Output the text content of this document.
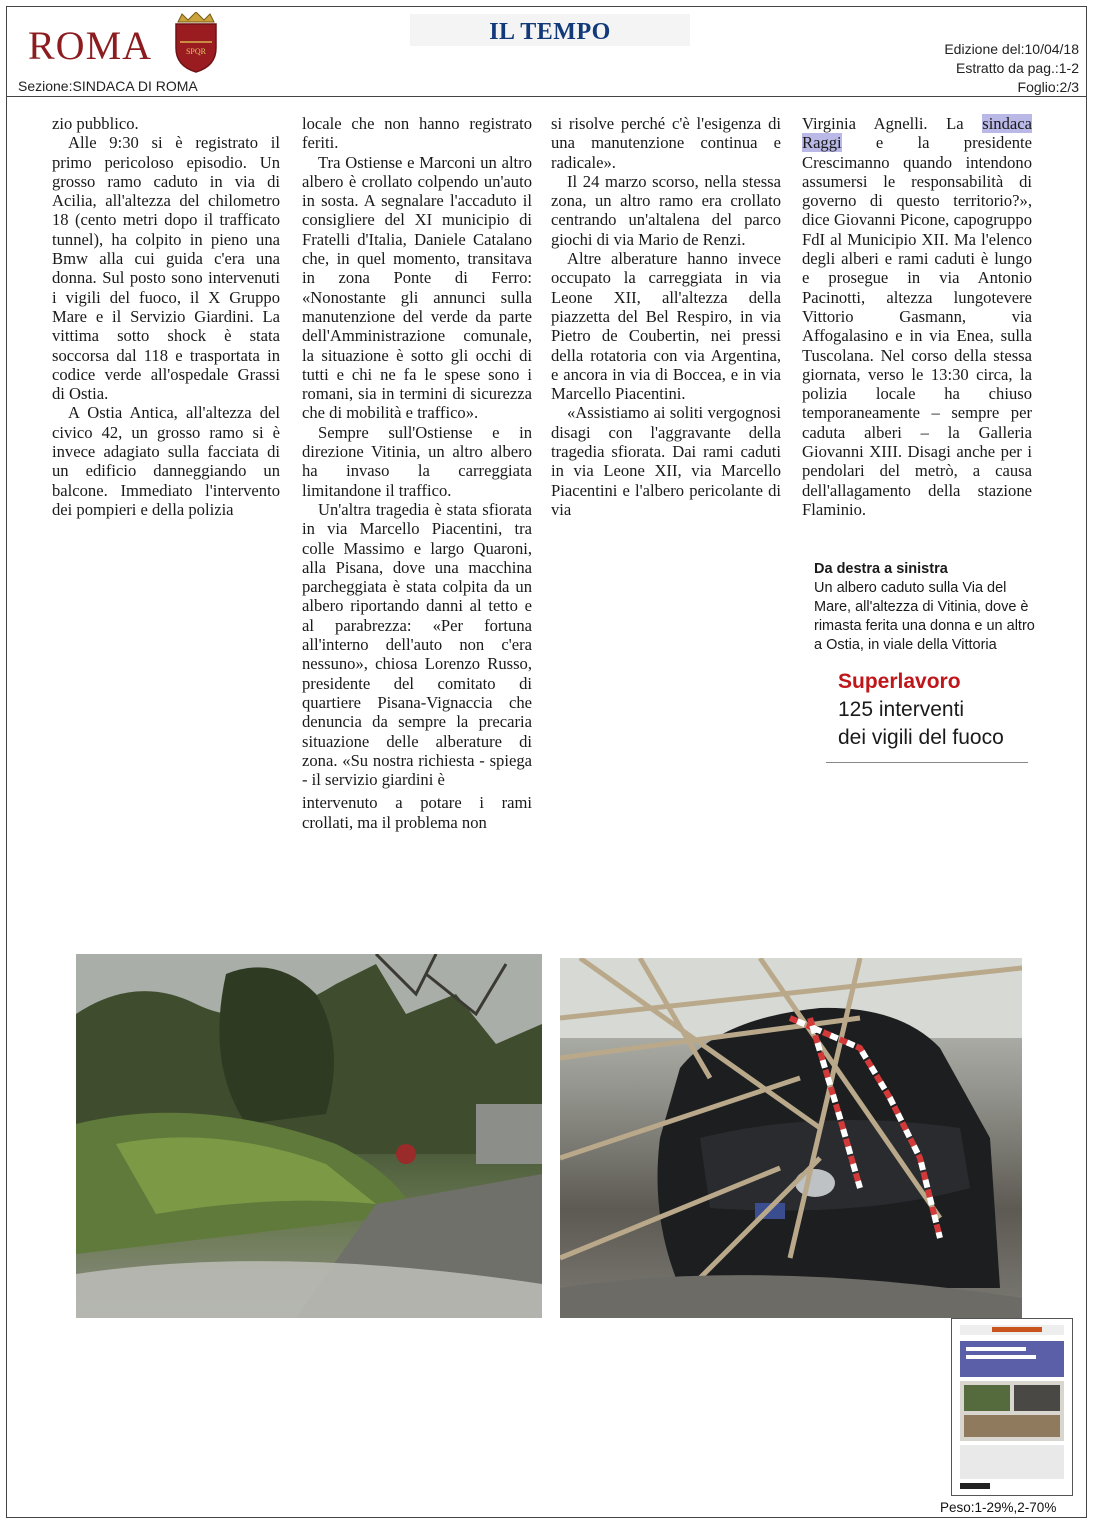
ROMA	SPQR
Sezione:SINDACA DI ROMA
IL TEMPO
Edizione del:10/04/18
Estratto da pag.:1-2
Foglio:2/3

zio pubblico.

Alle 9:30 si è registrato il primo pericoloso episodio. Un grosso ramo caduto in via di Acilia, all'altezza del chilometro 18 (cento metri dopo il trafficato tunnel), ha colpito in pieno una Bmw alla cui guida c'era una donna. Sul posto sono intervenuti i vigili del fuoco, il X Gruppo Mare e il Servizio Giardini. La vittima sotto shock è stata soccorsa dal 118 e trasportata in codice verde all'ospedale Grassi di Ostia.

A Ostia Antica, all'altezza del civico 42, un grosso ramo si è invece adagiato sulla facciata di un edificio danneggiando un balcone. Immediato l'intervento dei pompieri e della polizia

locale che non hanno registrato feriti.

Tra Ostiense e Marconi un altro albero è crollato colpendo un'auto in sosta. A segnalare l'accaduto il consigliere del XI municipio di Fratelli d'Italia, Daniele Catalano che, in quel momento, transitava in zona Ponte di Ferro: «Nonostante gli annunci sulla manutenzione del verde da parte dell'Amministrazione comunale, la situazione è sotto gli occhi di tutti e chi ne fa le spese sono i romani, sia in termini di sicurezza che di mobilità e traffico».

Sempre sull'Ostiense e in direzione Vitinia, un altro albero ha invaso la carreggiata limitandone il traffico.

Un'altra tragedia è stata sfiorata in via Marcello Piacentini, tra colle Massimo e largo Quaroni, alla Pisana, dove una macchina parcheggiata è stata colpita da un albero riportando danni al tetto e al parabrezza: «Per fortuna all'interno dell'auto non c'era nessuno», chiosa Lorenzo Russo, presidente del comitato di quartiere Pisana-Vignaccia che denuncia da sempre la precaria situazione delle alberature di zona. «Su nostra richiesta - spiega - il servizio giardini è

intervenuto a potare i rami crollati, ma il problema non

si risolve perché c'è l'esigenza di una manutenzione continua e radicale».

Il 24 marzo scorso, nella stessa zona, un altro ramo era crollato centrando un'altalena del parco giochi di via Mario de Renzi.

Altre alberature hanno invece occupato la carreggiata in via Leone XII, all'altezza della piazzetta del Bel Respiro, in via Pietro de Coubertin, nei pressi della rotatoria con via Argentina, e ancora in via di Boccea, e in via Marcello Piacentini.

«Assistiamo ai soliti vergognosi disagi con l'aggravante della tragedia sfiorata. Dai rami caduti in via Leone XII, via Marcello Piacentini e l'albero pericolante di via

Virginia Agnelli. La sindaca Raggi e la presidente Crescimanno quando intendono assumersi le responsabilità di governo di questo territorio?», dice Giovanni Picone, capogruppo FdI al Municipio XII. Ma l'elenco degli alberi e rami caduti è lungo e prosegue in via Antonio Pacinotti, altezza lungotevere Vittorio Gasmann, via Affogalasino e in via Enea, sulla Tuscolana. Nel corso della stessa giornata, verso le 13:30 circa, la polizia locale ha chiuso temporaneamente – sempre per caduta alberi – la Galleria Giovanni XIII. Disagi anche per i pendolari del metrò, a causa dell'allagamento della stazione Flaminio.

Da destra a sinistra
Un albero caduto sulla Via del Mare, all'altezza di Vitinia, dove è rimasta ferita una donna e un altro a Ostia, in viale della Vittoria
Superlavoro
125 interventi
dei vigili del fuoco
Peso:1-29%,2-70%
